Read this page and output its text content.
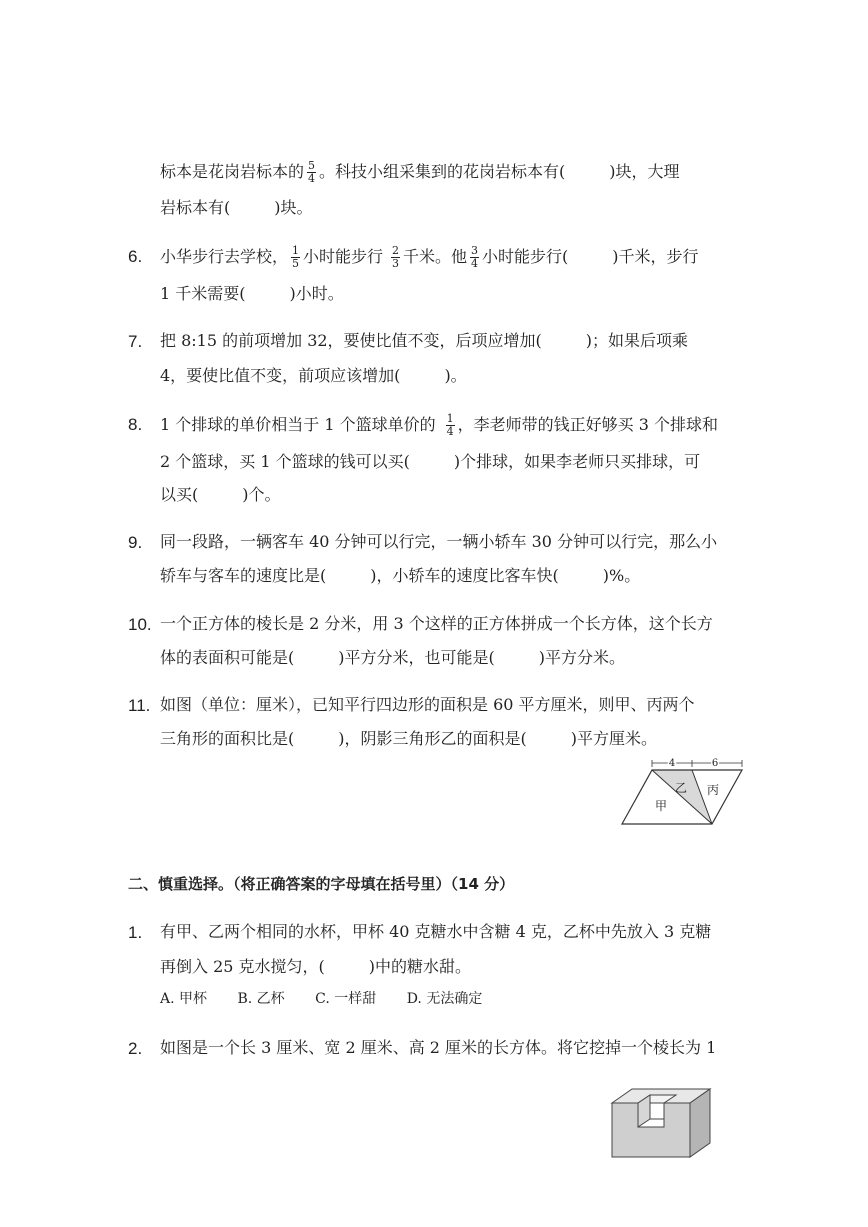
标本是花岗岩标本的 $\frac{5}{4}$ 。科技小组采集到的花岗岩标本有(	)块，大理
岩标本有(	)块。
6. 小华步行去学校， $\frac{1}{5}$ 小时能步行 $\frac{2}{3}$ 千米。他 $\frac{3}{4}$ 小时能步行(	)千米，步行
1 千米需要(	)小时。
7. 把 8:15 的前项增加 32，要使比值不变，后项应增加(	)；如果后项乘
4，要使比值不变，前项应该增加(	)。
8. 1 个排球的单价相当于 1 个篮球单价的 $\frac{1}{4}$ ，李老师带的钱正好够买 3 个排球和
2 个篮球，买 1 个篮球的钱可以买(	)个排球，如果李老师只买排球，可
以买(	)个。
9. 同一段路，一辆客车 40 分钟可以行完，一辆小轿车 30 分钟可以行完，那么小
轿车与客车的速度比是(	)，小轿车的速度比客车快(	)%。
10. 一个正方体的棱长是 2 分米，用 3 个这样的正方体拼成一个长方体，这个长方
体的表面积可能是(	)平方分米，也可能是(	)平方分米。
11. 如图（单位：厘米），已知平行四边形的面积是 60 平方厘米，则甲、丙两个
三角形的面积比是(	)，阴影三角形乙的面积是(	)平方厘米。
4	6
甲
乙 丙
二、慎重选择。（将正确答案的字母填在括号里）（14 分）
1. 有甲、乙两个相同的水杯，甲杯 40 克糖水中含糖 4 克，乙杯中先放入 3 克糖
再倒入 25 克水搅匀，(	)中的糖水甜。
A. 甲杯 B. 乙杯 C. 一样甜 D. 无法确定
2. 如图是一个长 3 厘米、宽 2 厘米、高 2 厘米的长方体。将它挖掉一个棱长为 1
